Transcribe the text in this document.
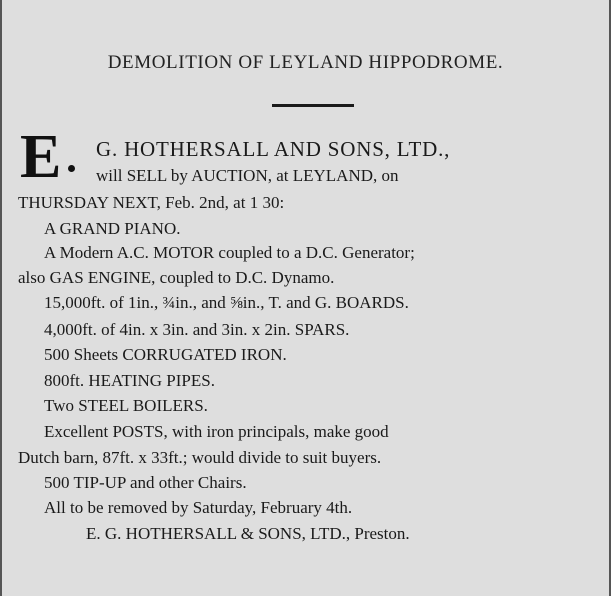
DEMOLITION OF LEYLAND HIPPODROME.
E G. HOTHERSALL AND SONS, LTD.,
will SELL by AUCTION, at LEYLAND, on
THURSDAY NEXT, Feb. 2nd, at 1 30:
A GRAND PIANO.
A Modern A.C. MOTOR coupled to a D.C. Generator;
also GAS ENGINE, coupled to D.C. Dynamo.
15,000ft. of 1in., ¾in., and ⅝in., T. and G. BOARDS.
4,000ft. of 4in. x 3in. and 3in. x 2in. SPARS.
500 Sheets CORRUGATED IRON.
800ft. HEATING PIPES.
Two STEEL BOILERS.
Excellent POSTS, with iron principals, make good
Dutch barn, 87ft. x 33ft.; would divide to suit buyers.
500 TIP-UP and other Chairs.
All to be removed by Saturday, February 4th.
E. G. HOTHERSALL & SONS, LTD., Preston.
